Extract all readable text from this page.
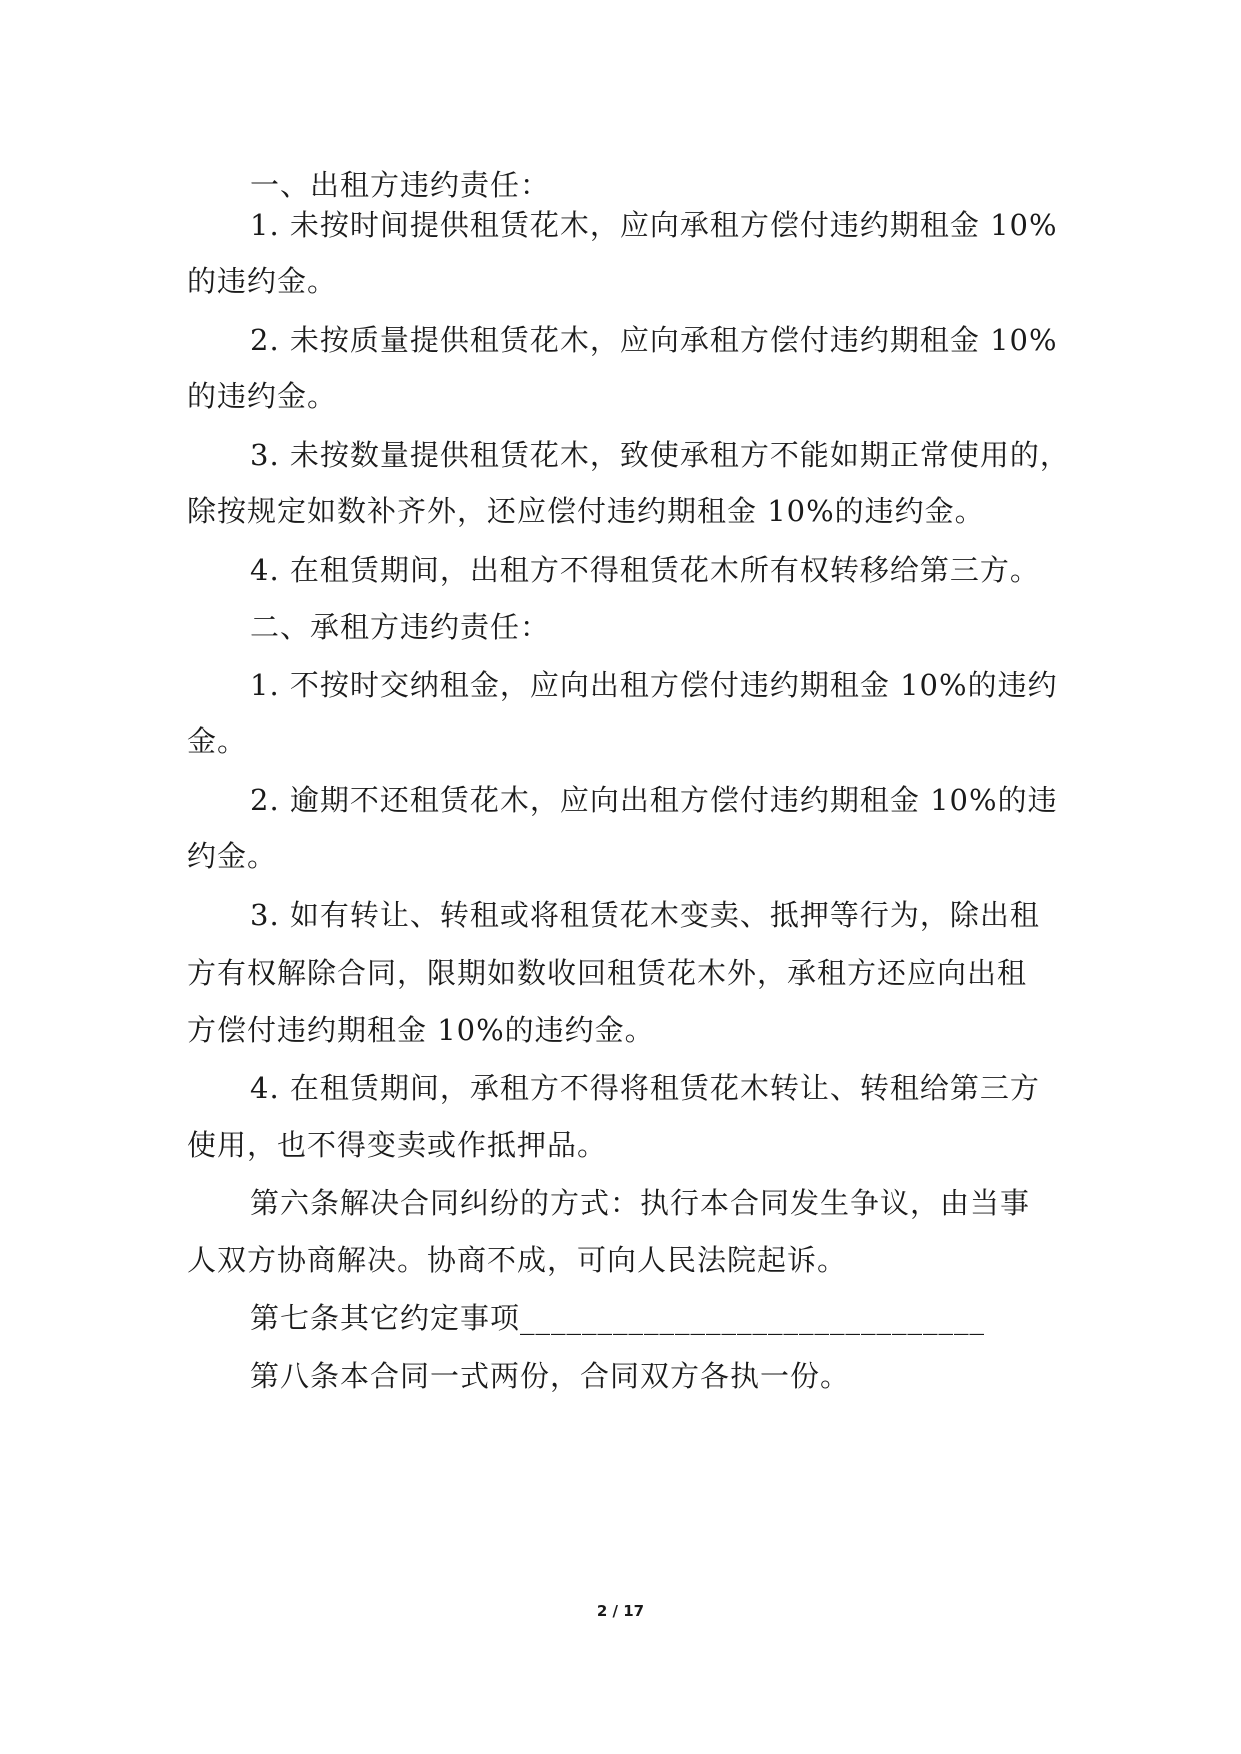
一、出租方违约责任：
1. 未按时间提供租赁花木，应向承租方偿付违约期租金 10%
的违约金。
2. 未按质量提供租赁花木，应向承租方偿付违约期租金 10%
的违约金。
3. 未按数量提供租赁花木，致使承租方不能如期正常使用的，
除按规定如数补齐外，还应偿付违约期租金 10%的违约金。
4. 在租赁期间，出租方不得租赁花木所有权转移给第三方。
二、承租方违约责任：
1. 不按时交纳租金，应向出租方偿付违约期租金 10%的违约
金。
2. 逾期不还租赁花木，应向出租方偿付违约期租金 10%的违
约金。
3. 如有转让、转租或将租赁花木变卖、抵押等行为，除出租
方有权解除合同，限期如数收回租赁花木外，承租方还应向出租
方偿付违约期租金 10%的违约金。
4. 在租赁期间，承租方不得将租赁花木转让、转租给第三方
使用，也不得变卖或作抵押品。
第六条解决合同纠纷的方式：执行本合同发生争议，由当事
人双方协商解决。协商不成，可向人民法院起诉。
第七条其它约定事项______________________________
第八条本合同一式两份，合同双方各执一份。
2 / 17
